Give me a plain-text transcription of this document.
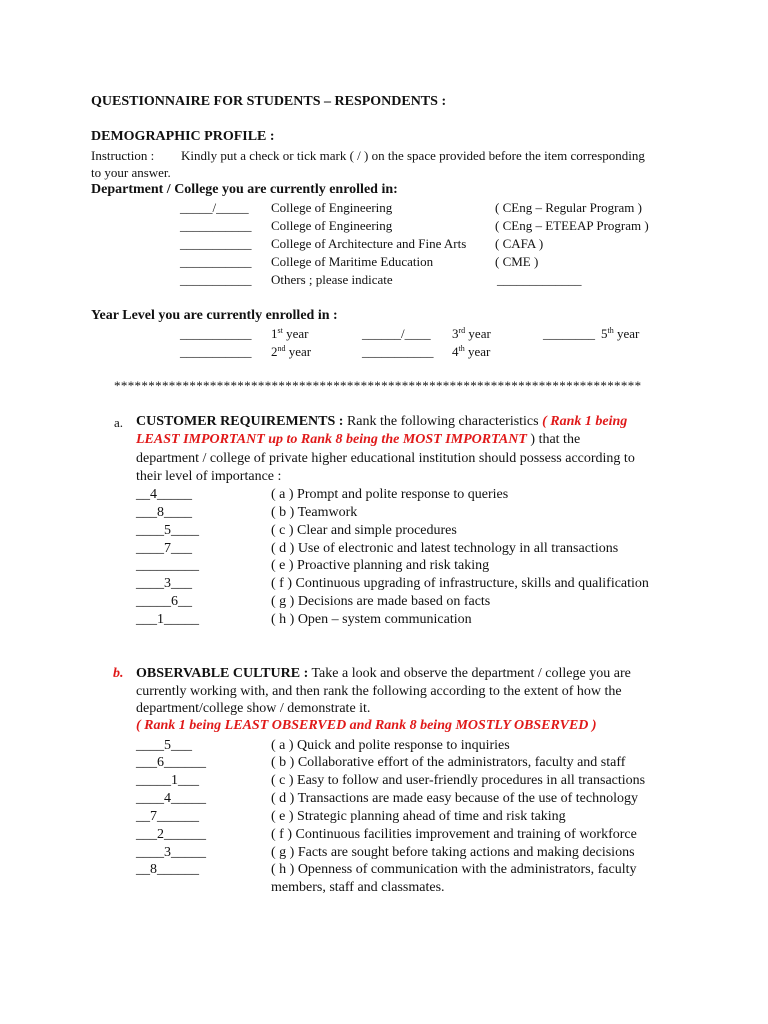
QUESTIONNAIRE FOR STUDENTS – RESPONDENTS :
DEMOGRAPHIC PROFILE :
Instruction : Kindly put a check or tick mark ( / ) on the space provided before the item corresponding
to your answer.
Department / College you are currently enrolled in:
_____/_____ College of Engineering	( CEng – Regular Program )
___________ College of Engineering	( CEng – ETEEAP Program )
___________ College of Architecture and Fine Arts ( CAFA )
___________ College of Maritime Education	( CME )
___________ Others ; please indicate	_____________
Year Level you are currently enrolled in :
___________ 1st year	______/____ 3rd year	________ 5th year
___________ 2nd year	___________ 4th year
*****************************************************************************
a. CUSTOMER REQUIREMENTS : Rank the following characteristics ( Rank 1 being
LEAST IMPORTANT up to Rank 8 being the MOST IMPORTANT ) that the
department / college of private higher educational institution should possess according to
their level of importance :
__4_____	( a ) Prompt and polite response to queries
___8____	( b ) Teamwork
____5____	( c ) Clear and simple procedures
____7___	( d ) Use of electronic and latest technology in all transactions
_________	( e ) Proactive planning and risk taking
____3___	( f ) Continuous upgrading of infrastructure, skills and qualification
_____6__	( g ) Decisions are made based on facts
___1_____	( h ) Open – system communication
b. OBSERVABLE CULTURE : Take a look and observe the department / college you are
currently working with, and then rank the following according to the extent of how the
department/college show / demonstrate it.
( Rank 1 being LEAST OBSERVED and Rank 8 being MOSTLY OBSERVED )
____5___	( a ) Quick and polite response to inquiries
___6______	( b ) Collaborative effort of the administrators, faculty and staff
_____1___	( c ) Easy to follow and user-friendly procedures in all transactions
____4_____	( d ) Transactions are made easy because of the use of technology
__7______	( e ) Strategic planning ahead of time and risk taking
___2______	( f ) Continuous facilities improvement and training of workforce
____3_____	( g ) Facts are sought before taking actions and making decisions
__8______	( h ) Openness of communication with the administrators, faculty
members, staff and classmates.
